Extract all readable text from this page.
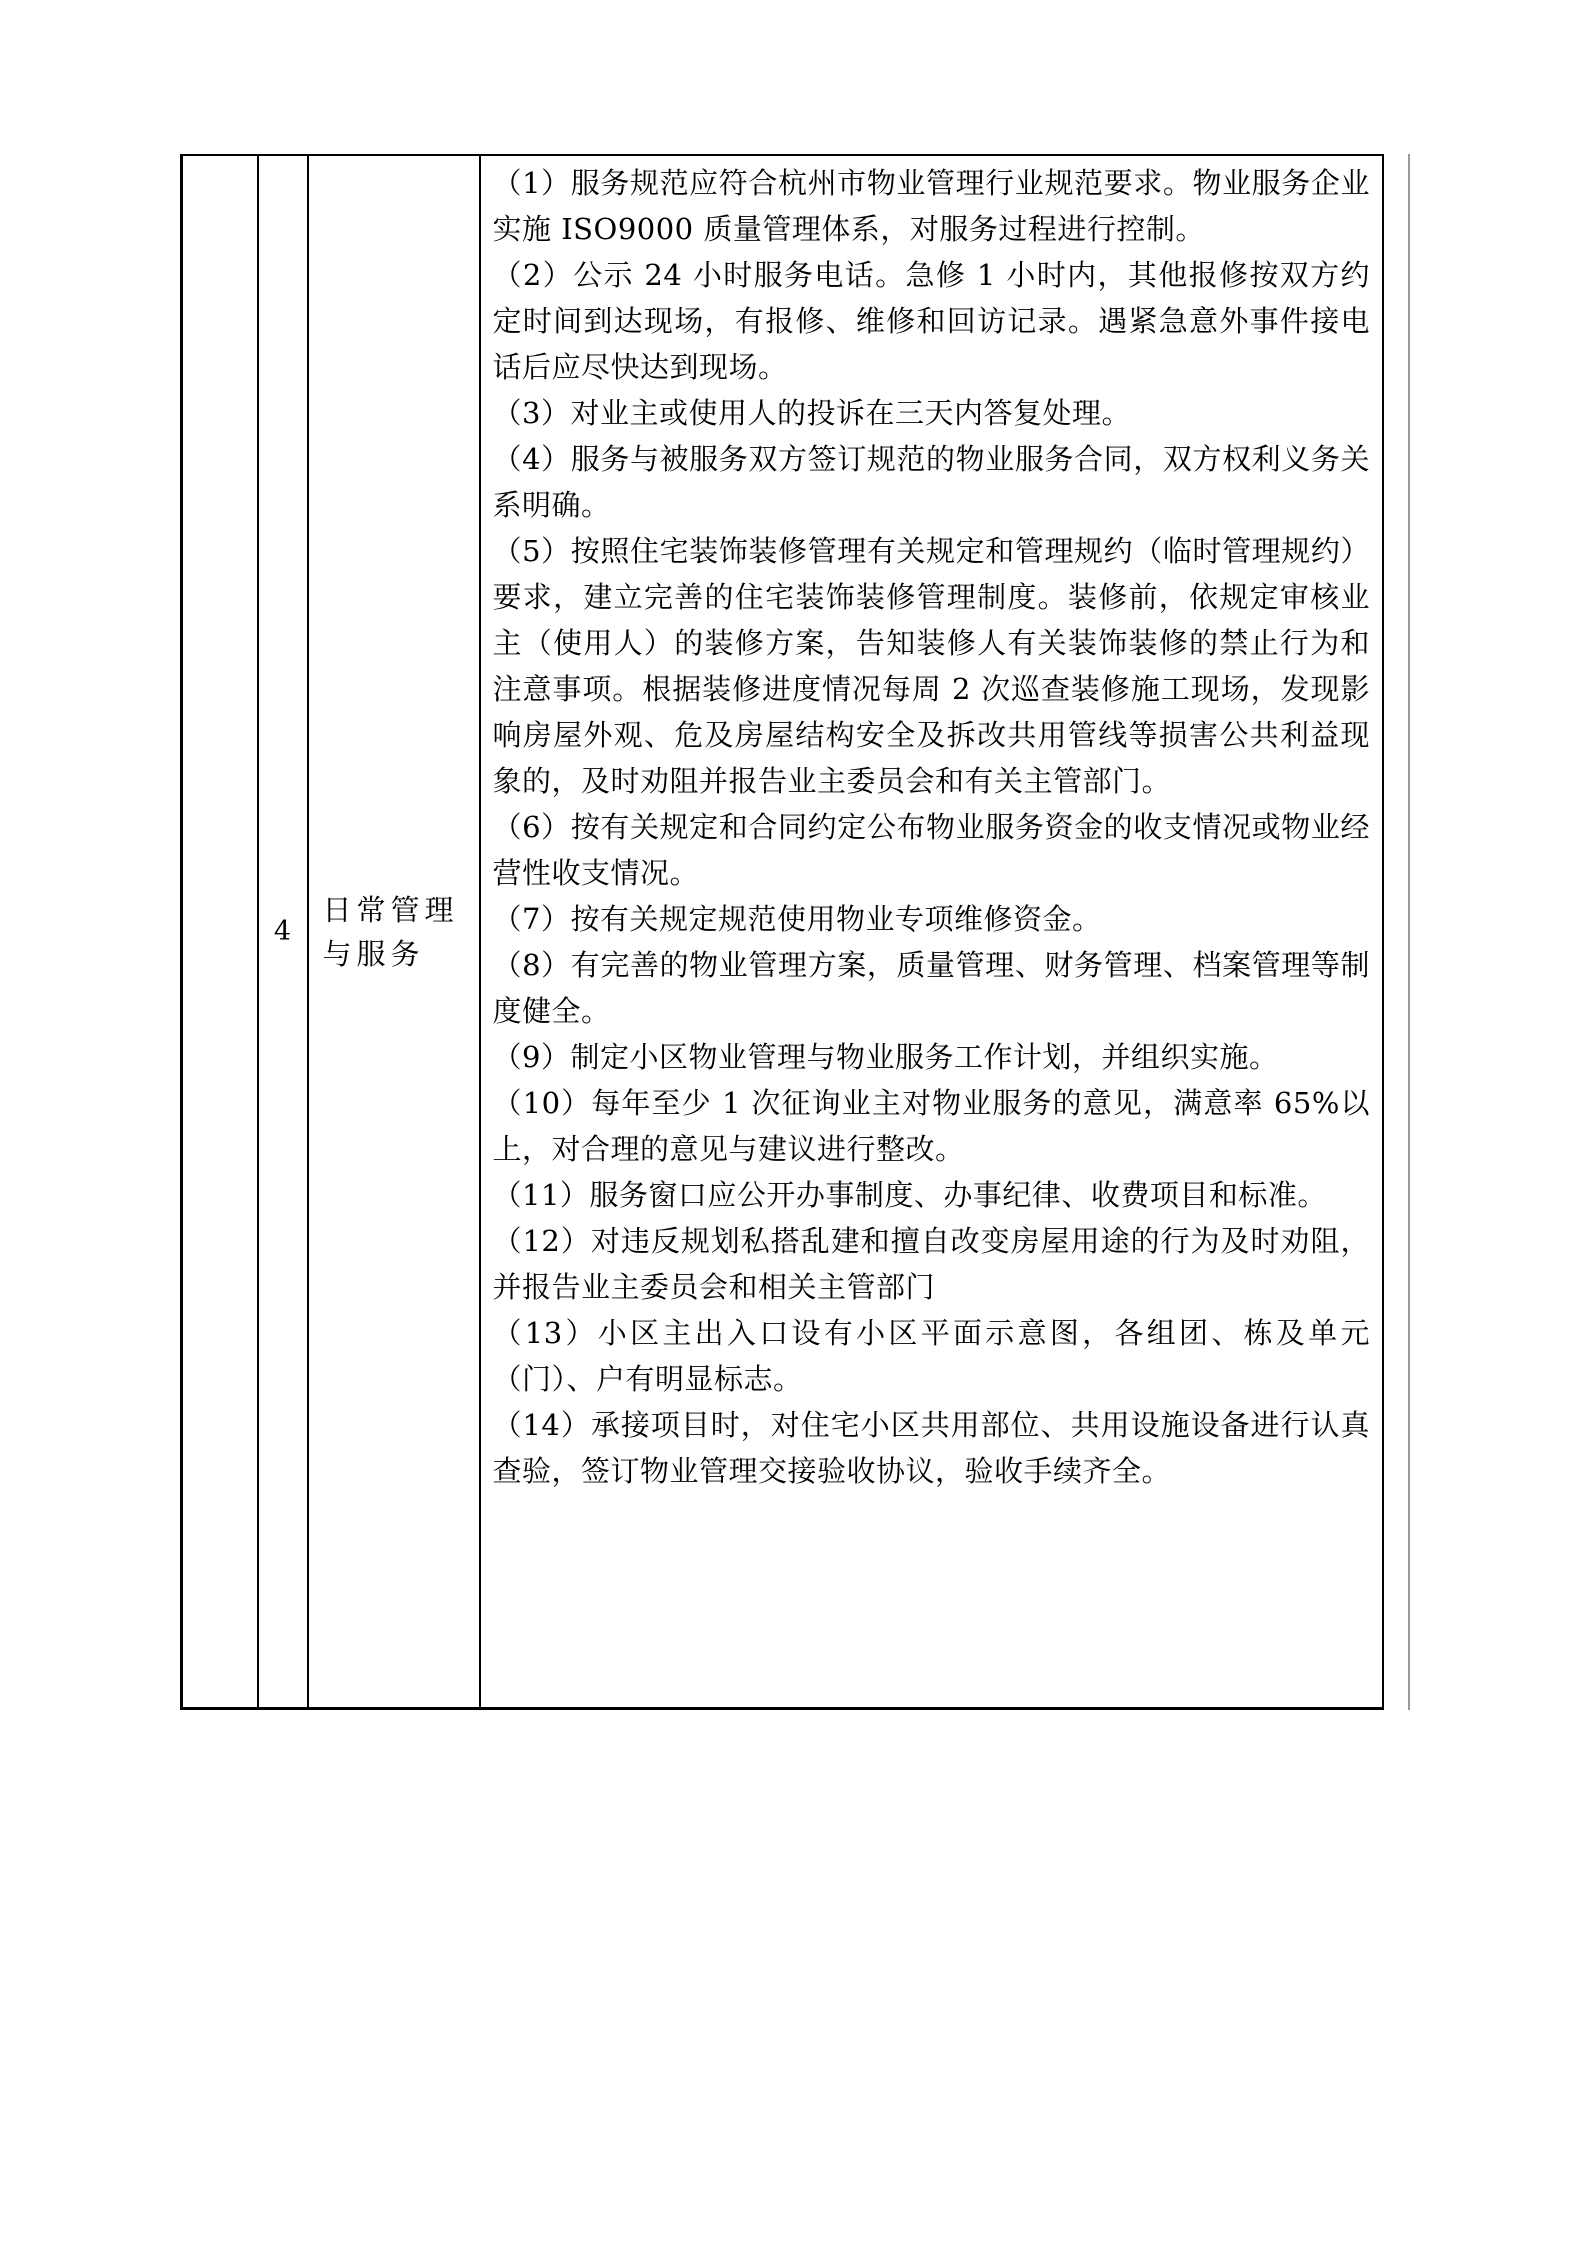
	4	日常管理与服务	
（1）服务规范应符合杭州市物业管理行业规范要求。物业服务企业实施 ISO9000 质量管理体系，对服务过程进行控制。
（2）公示 24 小时服务电话。急修 1 小时内，其他报修按双方约定时间到达现场，有报修、维修和回访记录。遇紧急意外事件接电话后应尽快达到现场。
（3）对业主或使用人的投诉在三天内答复处理。
（4）服务与被服务双方签订规范的物业服务合同，双方权利义务关系明确。
（5）按照住宅装饰装修管理有关规定和管理规约（临时管理规约）要求，建立完善的住宅装饰装修管理制度。装修前，依规定审核业主（使用人）的装修方案，告知装修人有关装饰装修的禁止行为和注意事项。根据装修进度情况每周 2 次巡查装修施工现场，发现影响房屋外观、危及房屋结构安全及拆改共用管线等损害公共利益现象的，及时劝阻并报告业主委员会和有关主管部门。
（6）按有关规定和合同约定公布物业服务资金的收支情况或物业经营性收支情况。
（7）按有关规定规范使用物业专项维修资金。
（8）有完善的物业管理方案，质量管理、财务管理、档案管理等制度健全。
（9）制定小区物业管理与物业服务工作计划，并组织实施。
（10）每年至少 1 次征询业主对物业服务的意见，满意率 65%以上，对合理的意见与建议进行整改。
（11）服务窗口应公开办事制度、办事纪律、收费项目和标准。
（12）对违反规划私搭乱建和擅自改变房屋用途的行为及时劝阻，并报告业主委员会和相关主管部门
（13）小区主出入口设有小区平面示意图，各组团、栋及单元（门）、户有明显标志。
（14）承接项目时，对住宅小区共用部位、共用设施设备进行认真查验，签订物业管理交接验收协议，验收手续齐全。
